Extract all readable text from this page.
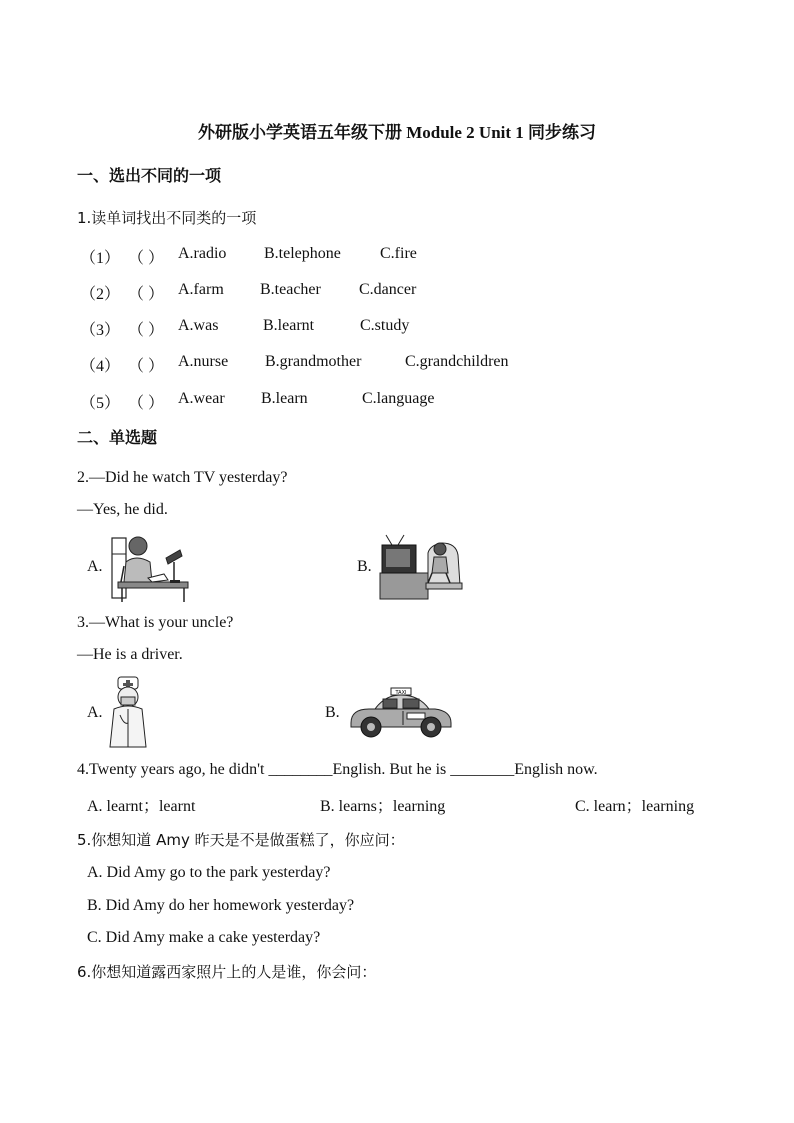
外研版小学英语五年级下册 Module 2 Unit 1 同步练习
一、选出不同的一项
1.读单词找出不同类的一项
（1） （ ） A.radio B.telephone C.fire
（2） （ ） A.farm B.teacher C.dancer
（3） （ ） A.was	B.learnt	C.study
（4） （ ） A.nurse B.grandmother	C.grandchildren
（5） （ ） A.wear B.learn	C.language
二、单选题
2.—Did he watch TV yesterday?
—Yes, he did.
A.	B.
3.—What is your uncle?
—He is a driver.
A.	B.
TAXI
4.Twenty years ago, he didn't ________English. But he is ________English now.
A. learnt；learnt	B. learns；learning	C. learn；learning
5.你想知道 Amy 昨天是不是做蛋糕了，你应问：
A. Did Amy go to the park yesterday?
B. Did Amy do her homework yesterday?
C. Did Amy make a cake yesterday?
6.你想知道露西家照片上的人是谁，你会问：
